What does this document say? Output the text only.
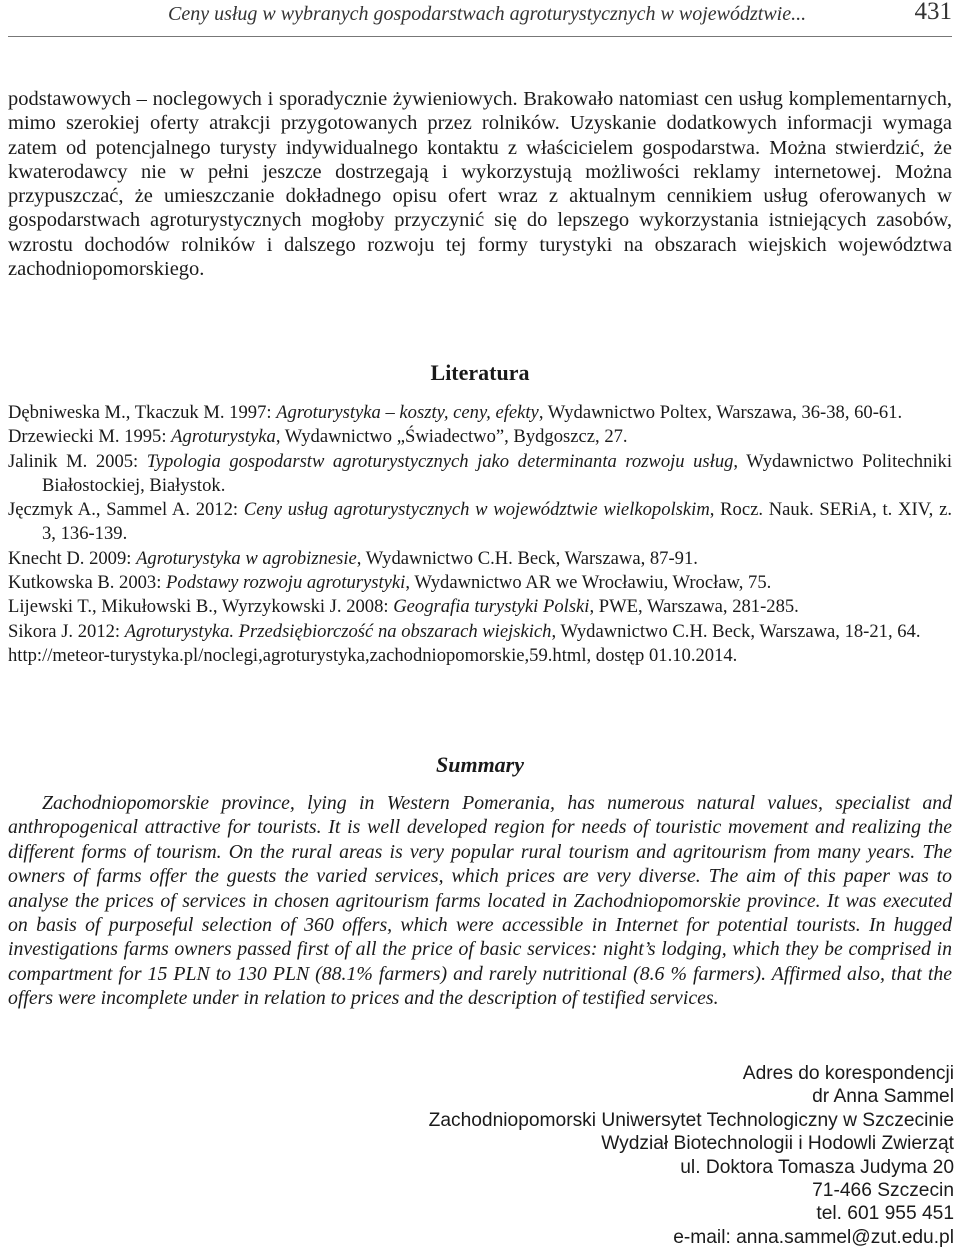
Ceny usług w wybranych gospodarstwach agroturystycznych w województwie...	431

podstawowych – noclegowych i sporadycznie żywieniowych. Brakowało natomiast cen usług komplementarnych, mimo szerokiej oferty atrakcji przygotowanych przez rolników. Uzyskanie dodatkowych informacji wymaga zatem od potencjalnego turysty indywidualnego kontaktu z właścicielem gospodarstwa. Można stwierdzić, że kwaterodawcy nie w pełni jeszcze dostrzegają i wykorzystują możliwości reklamy internetowej. Można przypuszczać, że umieszczanie dokładnego opisu ofert wraz z aktualnym cennikiem usług oferowanych w gospodarstwach agroturystycznych mogłoby przyczynić się do lepszego wykorzystania istniejących zasobów, wzrostu dochodów rolników i dalszego rozwoju tej formy turystyki na obszarach wiejskich województwa zachodniopomorskiego.

Literatura
Dębniweska M., Tkaczuk M. 1997: Agroturystyka – koszty, ceny, efekty, Wydawnictwo Poltex, Warszawa, 36-38, 60-61.
Drzewiecki M. 1995: Agroturystyka, Wydawnictwo „Świadectwo”, Bydgoszcz, 27.
Jalinik M. 2005: Typologia gospodarstw agroturystycznych jako determinanta rozwoju usług, Wydawnictwo Politechniki Białostockiej, Białystok.
Jęczmyk A., Sammel A. 2012: Ceny usług agroturystycznych w województwie wielkopolskim, Rocz. Nauk. SERiA, t. XIV, z. 3, 136-139.
Knecht D. 2009: Agroturystyka w agrobiznesie, Wydawnictwo C.H. Beck, Warszawa, 87-91.
Kutkowska B. 2003: Podstawy rozwoju agroturystyki, Wydawnictwo AR we Wrocławiu, Wrocław, 75.
Lijewski T., Mikułowski B., Wyrzykowski J. 2008: Geografia turystyki Polski, PWE, Warszawa, 281-285.
Sikora J. 2012: Agroturystyka. Przedsiębiorczość na obszarach wiejskich, Wydawnictwo C.H. Beck, Warszawa, 18-21, 64.
http://meteor-turystyka.pl/noclegi,agroturystyka,zachodniopomorskie,59.html, dostęp 01.10.2014.
Summary

Zachodniopomorskie province, lying in Western Pomerania, has numerous natural values, specialist and anthropogenical attractive for tourists. It is well developed region for needs of touristic movement and realizing the different forms of tourism. On the rural areas is very popular rural tourism and agritourism from many years. The owners of farms offer the guests the varied services, which prices are very diverse. The aim of this paper was to analyse the prices of services in chosen agritourism farms located in Zachodniopomorskie province. It was executed on basis of purposeful selection of 360 offers, which were accessible in Internet for potential tourists. In hugged investigations farms owners passed first of all the price of basic services: night’s lodging, which they be comprised in compartment for 15 PLN to 130 PLN (88.1% farmers) and rarely nutritional (8.6 % farmers). Affirmed also, that the offers were incomplete under in relation to prices and the description of testified services.

Adres do korespondencji
dr Anna Sammel
Zachodniopomorski Uniwersytet Technologiczny w Szczecinie
Wydział Biotechnologii i Hodowli Zwierząt
ul. Doktora Tomasza Judyma 20
71-466 Szczecin
tel. 601 955 451
e-mail: anna.sammel@zut.edu.pl
